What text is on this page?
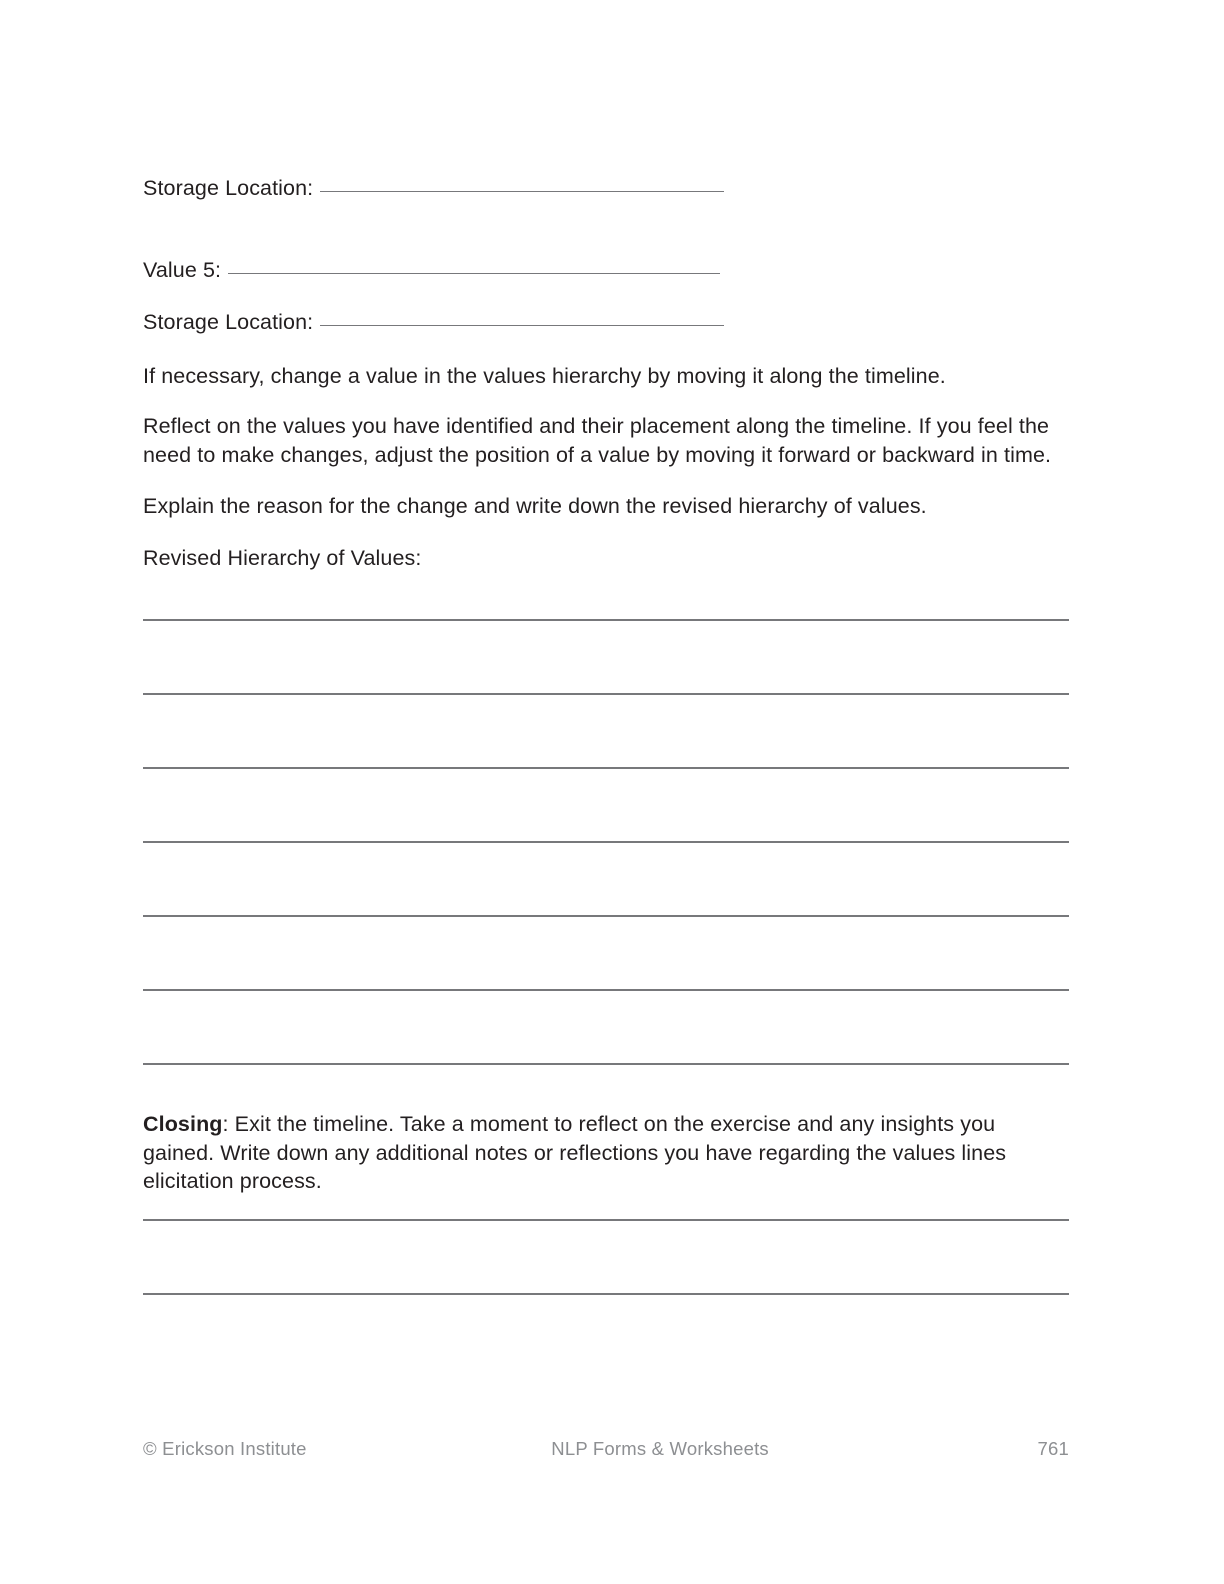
Storage Location:
Value 5:
Storage Location:

If necessary, change a value in the values hierarchy by moving it along the timeline.

Reflect on the values you have identified and their placement along the timeline. If you feel the need to make changes, adjust the position of a value by moving it forward or backward in time.

Explain the reason for the change and write down the revised hierarchy of values.

Revised Hierarchy of Values:

Closing: Exit the timeline. Take a moment to reflect on the exercise and any insights you gained. Write down any additional notes or reflections you have regarding the values lines elicitation process.

© Erickson Institute	NLP Forms & Worksheets	761
